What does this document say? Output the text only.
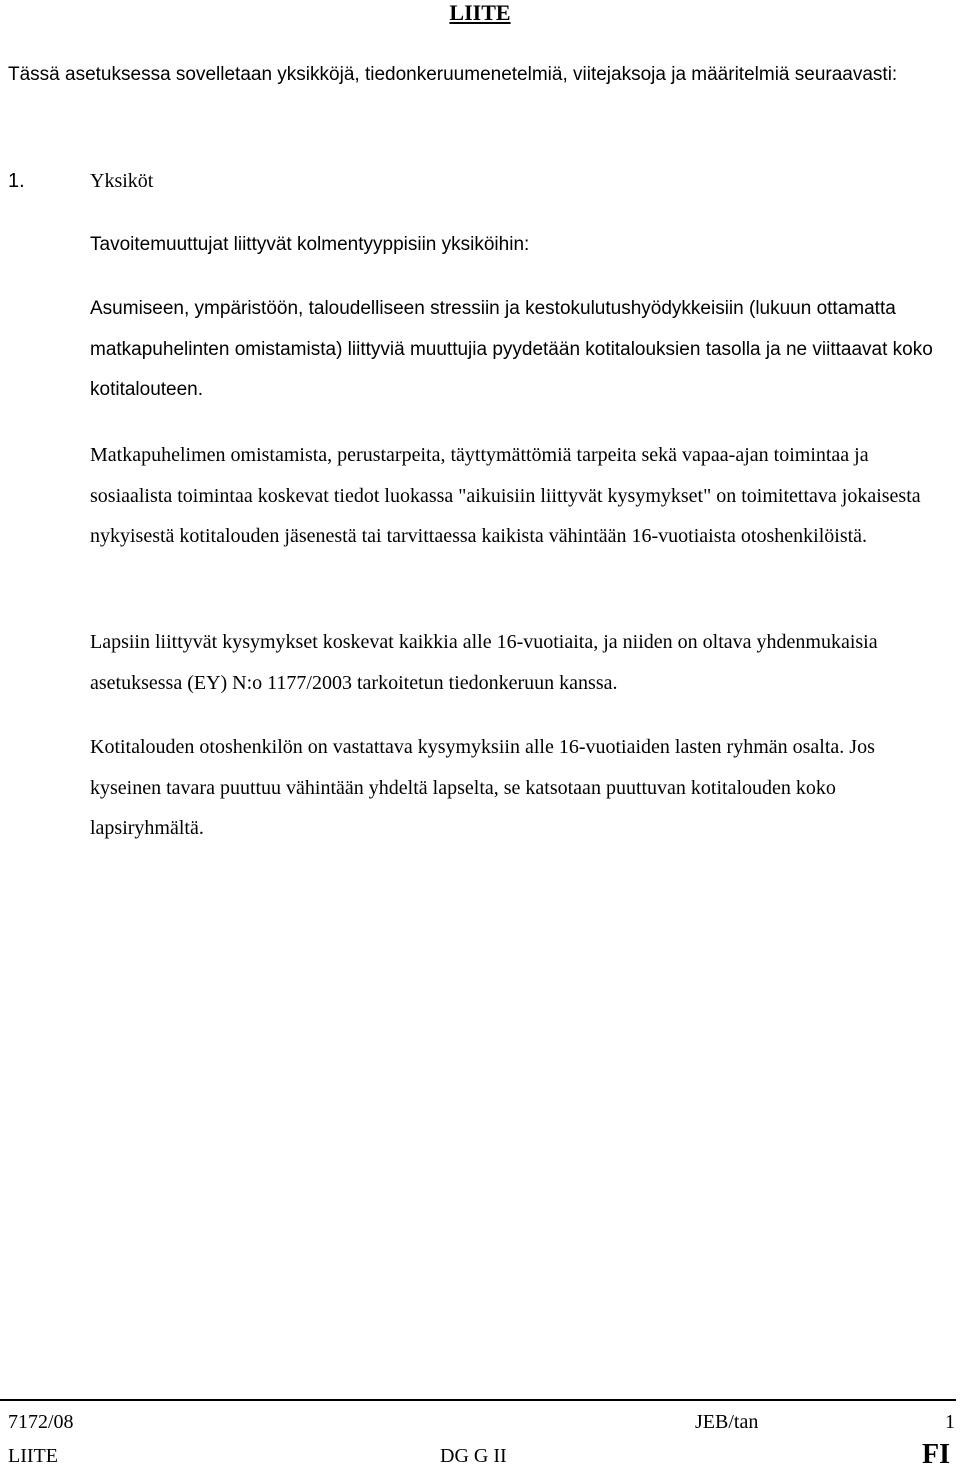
LIITE

Tässä asetuksessa sovelletaan yksikköjä, tiedonkeruumenetelmiä, viitejaksoja ja määritelmiä seuraavasti:

1.	Yksiköt

Tavoitemuuttujat liittyvät kolmentyyppisiin yksiköihin:

Asumiseen, ympäristöön, taloudelliseen stressiin ja kestokulutushyödykkeisiin (lukuun ottamatta matkapuhelinten omistamista) liittyviä muuttujia pyydetään kotitalouksien tasolla ja ne viittaavat koko kotitalouteen.

Matkapuhelimen omistamista, perustarpeita, täyttymättömiä tarpeita sekä vapaa-ajan toimintaa ja sosiaalista toimintaa koskevat tiedot luokassa "aikuisiin liittyvät kysymykset" on toimitettava jokaisesta nykyisestä kotitalouden jäsenestä tai tarvittaessa kaikista vähintään 16-vuotiaista otoshenkilöistä.

Lapsiin liittyvät kysymykset koskevat kaikkia alle 16-vuotiaita, ja niiden on oltava yhdenmukaisia asetuksessa (EY) N:o 1177/2003 tarkoitetun tiedonkeruun kanssa.

Kotitalouden otoshenkilön on vastattava kysymyksiin alle 16-vuotiaiden lasten ryhmän osalta. Jos kyseinen tavara puuttuu vähintään yhdeltä lapselta, se katsotaan puuttuvan kotitalouden koko lapsiryhmältä.

7172/08	JEB/tan	1
LIITE	DG G II	FI
